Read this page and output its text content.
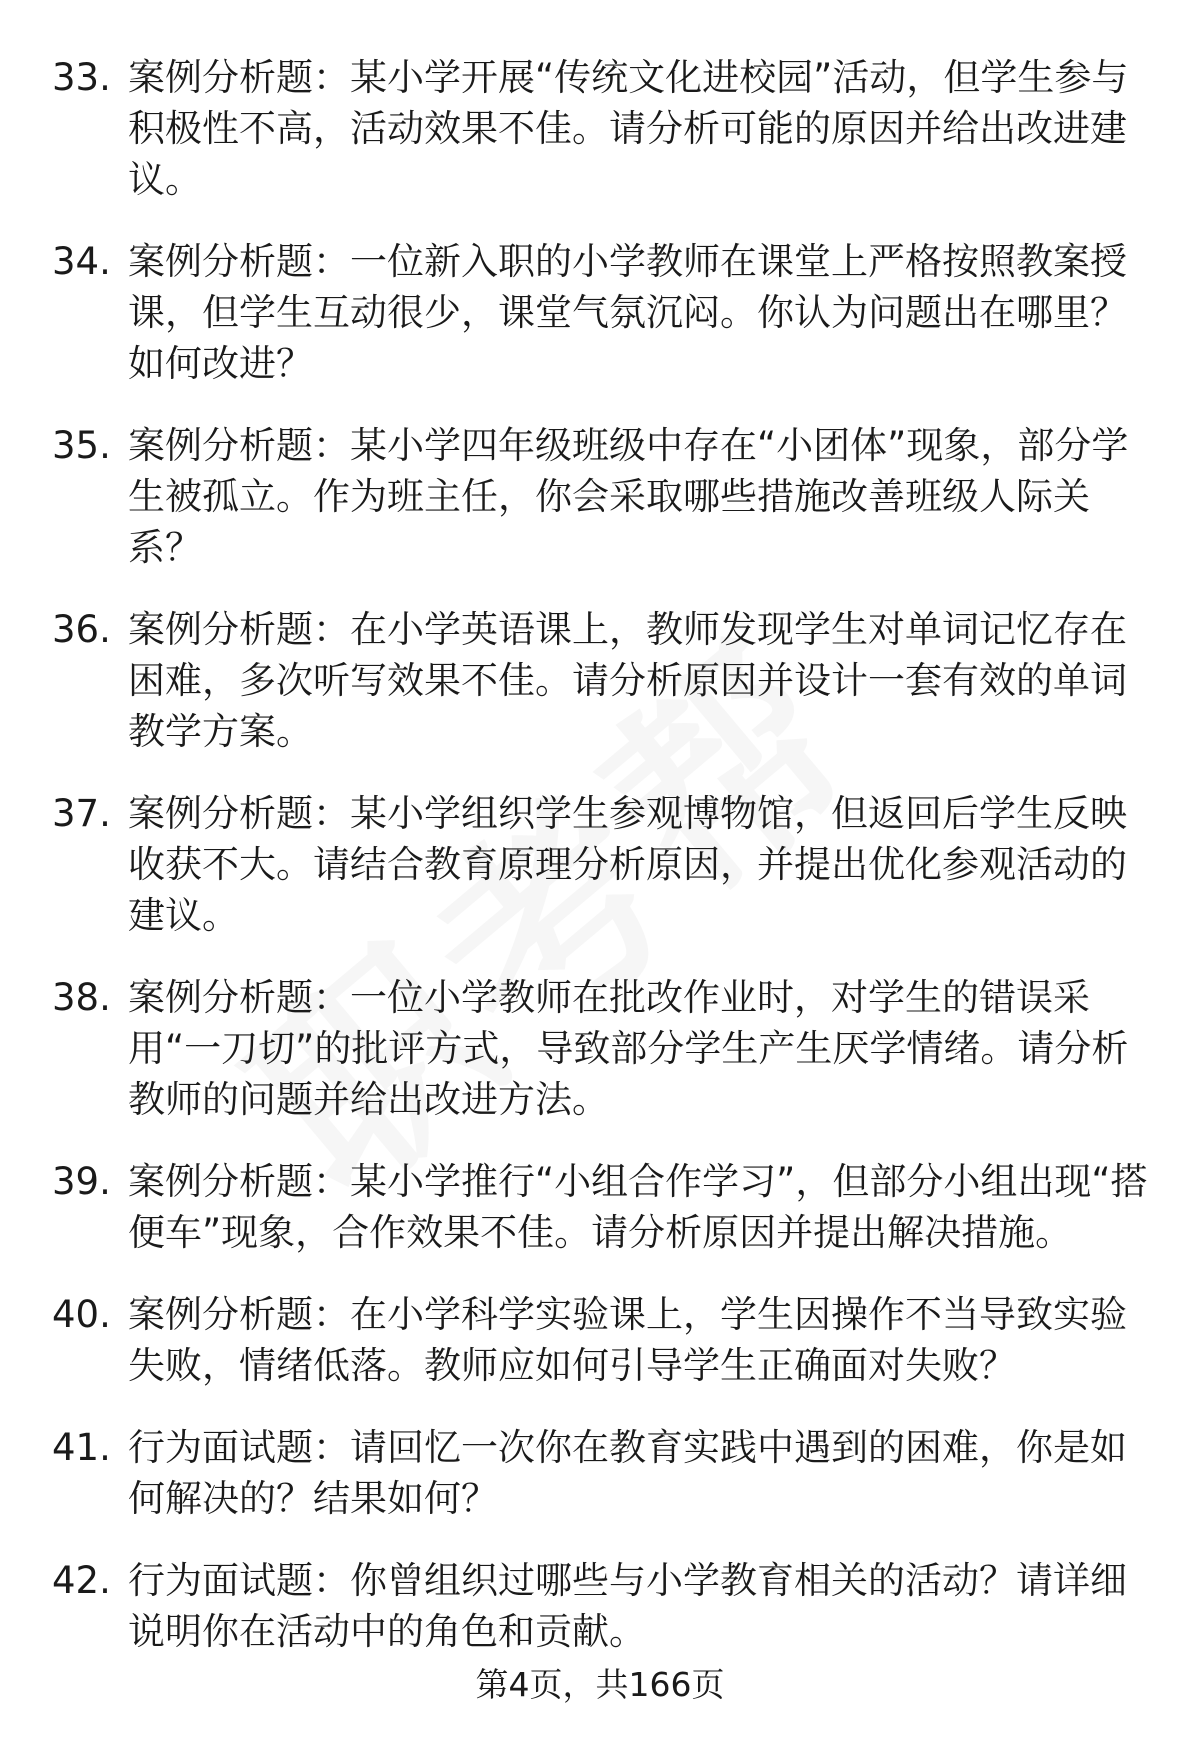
33. 案例分析题：某小学开展“传统文化进校园”活动，但学生参与积极性不高，活动效果不佳。请分析可能的原因并给出改进建议。
34. 案例分析题：一位新入职的小学教师在课堂上严格按照教案授课，但学生互动很少，课堂气氛沉闷。你认为问题出在哪里？如何改进？
35. 案例分析题：某小学四年级班级中存在“小团体”现象，部分学生被孤立。作为班主任，你会采取哪些措施改善班级人际关系？
36. 案例分析题：在小学英语课上，教师发现学生对单词记忆存在困难，多次听写效果不佳。请分析原因并设计一套有效的单词教学方案。
37. 案例分析题：某小学组织学生参观博物馆，但返回后学生反映收获不大。请结合教育原理分析原因，并提出优化参观活动的建议。
38. 案例分析题：一位小学教师在批改作业时，对学生的错误采用“一刀切”的批评方式，导致部分学生产生厌学情绪。请分析教师的问题并给出改进方法。
39. 案例分析题：某小学推行“小组合作学习”，但部分小组出现“搭便车”现象，合作效果不佳。请分析原因并提出解决措施。
40. 案例分析题：在小学科学实验课上，学生因操作不当导致实验失败，情绪低落。教师应如何引导学生正确面对失败？
41. 行为面试题：请回忆一次你在教育实践中遇到的困难，你是如何解决的？结果如何？
42. 行为面试题：你曾组织过哪些与小学教育相关的活动？请详细说明你在活动中的角色和贡献。
第4页，共166页
